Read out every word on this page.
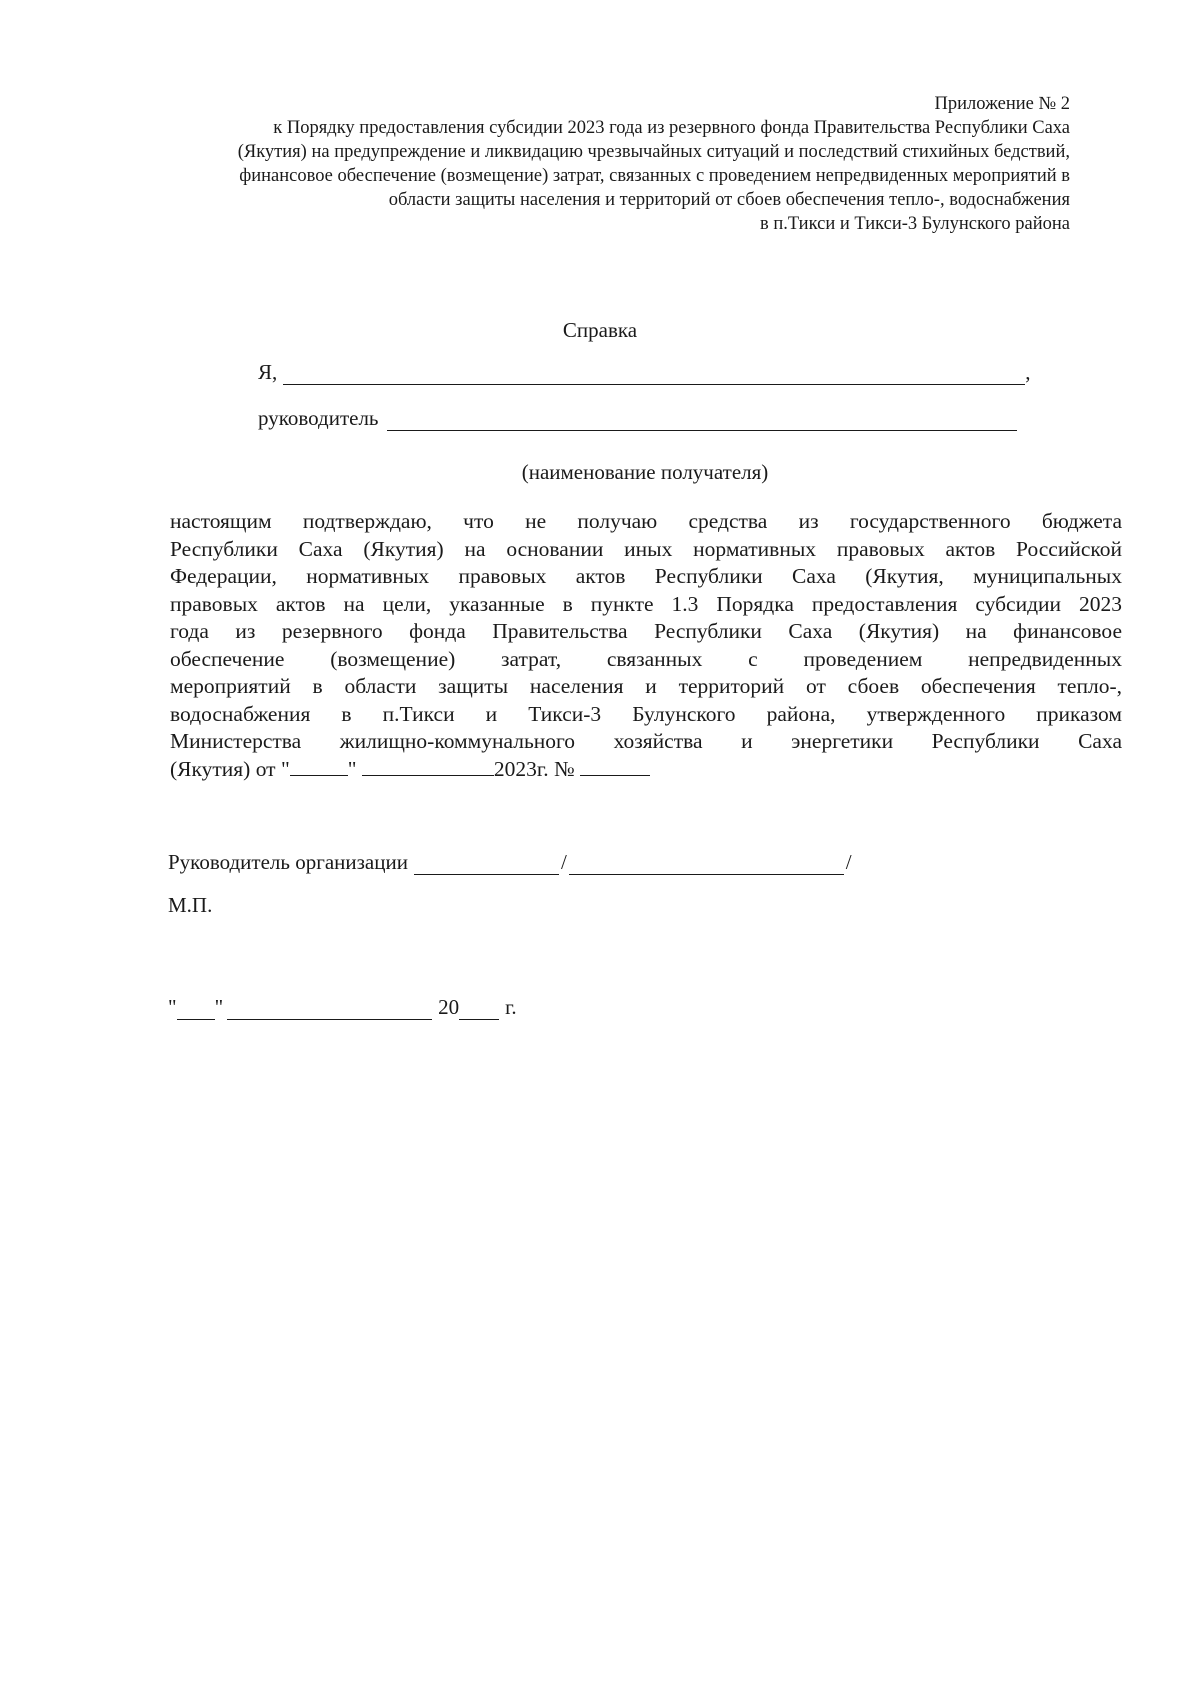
Приложение № 2
к Порядку предоставления субсидии 2023 года из резервного фонда Правительства Республики Саха
(Якутия) на предупреждение и ликвидацию чрезвычайных ситуаций и последствий стихийных бедствий,
финансовое обеспечение (возмещение) затрат, связанных с проведением непредвиденных мероприятий в
области защиты населения и территорий от сбоев обеспечения тепло-, водоснабжения
в п.Тикси и Тикси-3 Булунского района
Справка
Я,	,
руководитель
(наименование получателя)
настоящим подтверждаю, что не получаю средства из государственного бюджета
Республики Саха (Якутия) на основании иных нормативных правовых актов Российской
Федерации, нормативных правовых актов Республики Саха (Якутия, муниципальных
правовых актов на цели, указанные в пункте 1.3 Порядка предоставления субсидии 2023
года из резервного фонда Правительства Республики Саха (Якутия) на финансовое
обеспечение (возмещение) затрат, связанных с проведением непредвиденных
мероприятий в области защиты населения и территорий от сбоев обеспечения тепло-,
водоснабжения в п.Тикси и Тикси-3 Булунского района, утвержденного приказом
Министерства жилищно-коммунального хозяйства и энергетики Республики Саха
(Якутия) от "	"	2023г. №
Руководитель организации	/	/
М.П.
" "	20 г.
